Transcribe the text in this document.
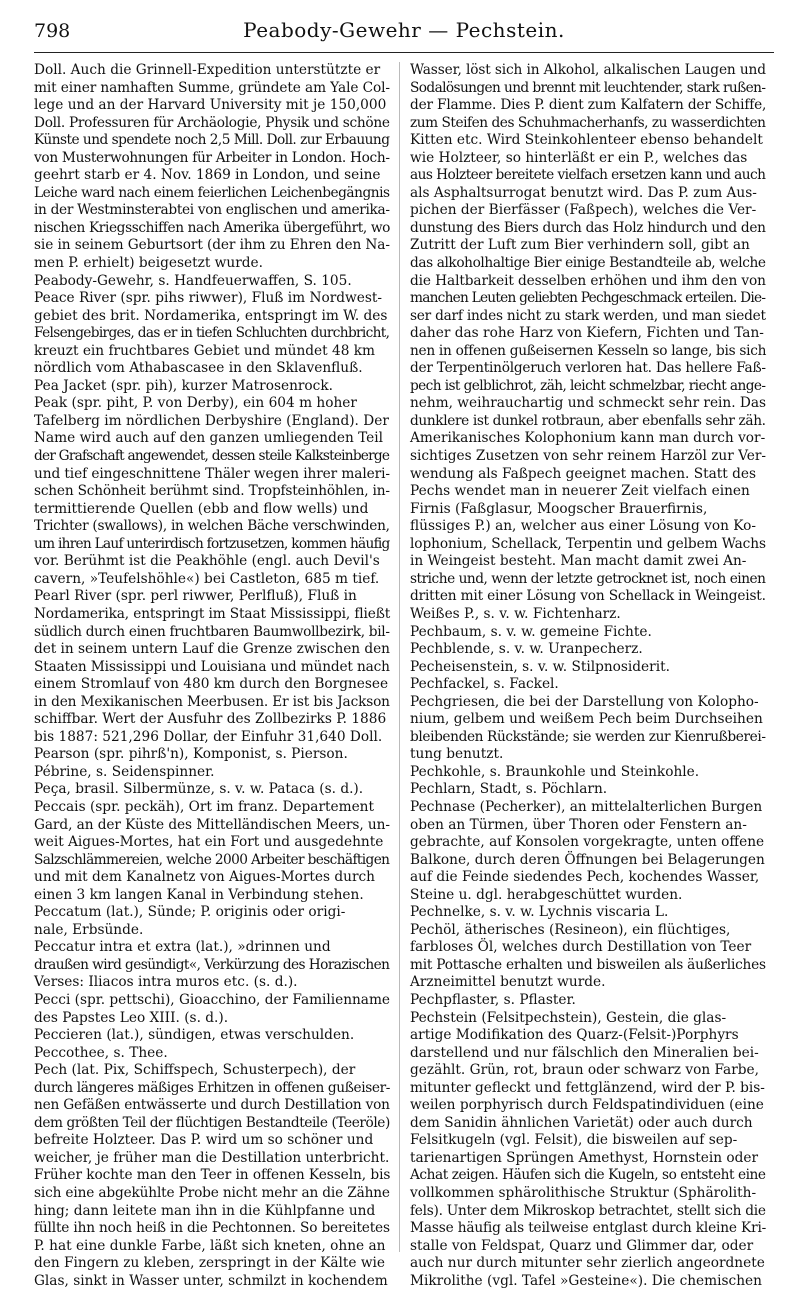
798	Peabody-Gewehr — Pechstein.
Doll. Auch die Grinnell-Expedition unterstützte er
mit einer namhaften Summe, gründete am Yale Col-
lege und an der Harvard University mit je 150,000
Doll. Professuren für Archäologie, Physik und schöne
Künste und spendete noch 2,5 Mill. Doll. zur Erbauung
von Musterwohnungen für Arbeiter in London. Hoch-
geehrt starb er 4. Nov. 1869 in London, und seine
Leiche ward nach einem feierlichen Leichenbegängnis
in der Westminsterabtei von englischen und amerika-
nischen Kriegsschiffen nach Amerika übergeführt, wo
sie in seinem Geburtsort (der ihm zu Ehren den Na-
men P. erhielt) beigesetzt wurde.
Peabody-Gewehr, s. Handfeuerwaffen, S. 105.
Peace River (spr. pihs riwwer), Fluß im Nordwest-
gebiet des brit. Nordamerika, entspringt im W. des
Felsengebirges, das er in tiefen Schluchten durchbricht,
kreuzt ein fruchtbares Gebiet und mündet 48 km
nördlich vom Athabascasee in den Sklavenfluß.
Pea Jacket (spr. pih), kurzer Matrosenrock.
Peak (spr. piht, P. von Derby), ein 604 m hoher
Tafelberg im nördlichen Derbyshire (England). Der
Name wird auch auf den ganzen umliegenden Teil
der Grafschaft angewendet, dessen steile Kalksteinberge
und tief eingeschnittene Thäler wegen ihrer maleri-
schen Schönheit berühmt sind. Tropfsteinhöhlen, in-
termittierende Quellen (ebb and flow wells) und
Trichter (swallows), in welchen Bäche verschwinden,
um ihren Lauf unterirdisch fortzusetzen, kommen häufig
vor. Berühmt ist die Peakhöhle (engl. auch Devil's
cavern, »Teufelshöhle«) bei Castleton, 685 m tief.
Pearl River (spr. perl riwwer, Perlfluß), Fluß in
Nordamerika, entspringt im Staat Mississippi, fließt
südlich durch einen fruchtbaren Baumwollbezirk, bil-
det in seinem untern Lauf die Grenze zwischen den
Staaten Mississippi und Louisiana und mündet nach
einem Stromlauf von 480 km durch den Borgnesee
in den Mexikanischen Meerbusen. Er ist bis Jackson
schiffbar. Wert der Ausfuhr des Zollbezirks P. 1886
bis 1887: 521,296 Dollar, der Einfuhr 31,640 Doll.
Pearson (spr. pihrß'n), Komponist, s. Pierson.
Pébrine, s. Seidenspinner.
Peça, brasil. Silbermünze, s. v. w. Pataca (s. d.).
Peccais (spr. peckäh), Ort im franz. Departement
Gard, an der Küste des Mittelländischen Meers, un-
weit Aigues-Mortes, hat ein Fort und ausgedehnte
Salzschlämmereien, welche 2000 Arbeiter beschäftigen
und mit dem Kanalnetz von Aigues-Mortes durch
einen 3 km langen Kanal in Verbindung stehen.
Peccatum (lat.), Sünde; P. originis oder origi-
nale, Erbsünde.
Peccatur intra et extra (lat.), »drinnen und
draußen wird gesündigt«, Verkürzung des Horazischen
Verses: Iliacos intra muros etc. (s. d.).
Pecci (spr. pettschi), Gioacchino, der Familienname
des Papstes Leo XIII. (s. d.).
Peccieren (lat.), sündigen, etwas verschulden.
Peccothee, s. Thee.
Pech (lat. Pix, Schiffspech, Schusterpech), der
durch längeres mäßiges Erhitzen in offenen gußeiser-
nen Gefäßen entwässerte und durch Destillation von
dem größten Teil der flüchtigen Bestandteile (Teeröle)
befreite Holzteer. Das P. wird um so schöner und
weicher, je früher man die Destillation unterbricht.
Früher kochte man den Teer in offenen Kesseln, bis
sich eine abgekühlte Probe nicht mehr an die Zähne
hing; dann leitete man ihn in die Kühlpfanne und
füllte ihn noch heiß in die Pechtonnen. So bereitetes
P. hat eine dunkle Farbe, läßt sich kneten, ohne an
den Fingern zu kleben, zerspringt in der Kälte wie
Glas, sinkt in Wasser unter, schmilzt in kochendem
Wasser, löst sich in Alkohol, alkalischen Laugen und
Sodalösungen und brennt mit leuchtender, stark rußen-
der Flamme. Dies P. dient zum Kalfatern der Schiffe,
zum Steifen des Schuhmacherhanfs, zu wasserdichten
Kitten etc. Wird Steinkohlenteer ebenso behandelt
wie Holzteer, so hinterläßt er ein P., welches das
aus Holzteer bereitete vielfach ersetzen kann und auch
als Asphaltsurrogat benutzt wird. Das P. zum Aus-
pichen der Bierfässer (Faßpech), welches die Ver-
dunstung des Biers durch das Holz hindurch und den
Zutritt der Luft zum Bier verhindern soll, gibt an
das alkoholhaltige Bier einige Bestandteile ab, welche
die Haltbarkeit desselben erhöhen und ihm den von
manchen Leuten geliebten Pechgeschmack erteilen. Die-
ser darf indes nicht zu stark werden, und man siedet
daher das rohe Harz von Kiefern, Fichten und Tan-
nen in offenen gußeisernen Kesseln so lange, bis sich
der Terpentinölgeruch verloren hat. Das hellere Faß-
pech ist gelblichrot, zäh, leicht schmelzbar, riecht ange-
nehm, weihrauchartig und schmeckt sehr rein. Das
dunklere ist dunkel rotbraun, aber ebenfalls sehr zäh.
Amerikanisches Kolophonium kann man durch vor-
sichtiges Zusetzen von sehr reinem Harzöl zur Ver-
wendung als Faßpech geeignet machen. Statt des
Pechs wendet man in neuerer Zeit vielfach einen
Firnis (Faßglasur, Moogscher Brauerfirnis,
flüssiges P.) an, welcher aus einer Lösung von Ko-
lophonium, Schellack, Terpentin und gelbem Wachs
in Weingeist besteht. Man macht damit zwei An-
striche und, wenn der letzte getrocknet ist, noch einen
dritten mit einer Lösung von Schellack in Weingeist.
Weißes P., s. v. w. Fichtenharz.
Pechbaum, s. v. w. gemeine Fichte.
Pechblende, s. v. w. Uranpecherz.
Pecheisenstein, s. v. w. Stilpnosiderit.
Pechfackel, s. Fackel.
Pechgriesen, die bei der Darstellung von Kolopho-
nium, gelbem und weißem Pech beim Durchseihen
bleibenden Rückstände; sie werden zur Kienrußberei-
tung benutzt.
Pechkohle, s. Braunkohle und Steinkohle.
Pechlarn, Stadt, s. Pöchlarn.
Pechnase (Pecherker), an mittelalterlichen Burgen
oben an Türmen, über Thoren oder Fenstern an-
gebrachte, auf Konsolen vorgekragte, unten offene
Balkone, durch deren Öffnungen bei Belagerungen
auf die Feinde siedendes Pech, kochendes Wasser,
Steine u. dgl. herabgeschüttet wurden.
Pechnelke, s. v. w. Lychnis viscaria L.
Pechöl, ätherisches (Resineon), ein flüchtiges,
farbloses Öl, welches durch Destillation von Teer
mit Pottasche erhalten und bisweilen als äußerliches
Arzneimittel benutzt wurde.
Pechpflaster, s. Pflaster.
Pechstein (Felsitpechstein), Gestein, die glas-
artige Modifikation des Quarz-(Felsit-)Porphyrs
darstellend und nur fälschlich den Mineralien bei-
gezählt. Grün, rot, braun oder schwarz von Farbe,
mitunter gefleckt und fettglänzend, wird der P. bis-
weilen porphyrisch durch Feldspatindividuen (eine
dem Sanidin ähnlichen Varietät) oder auch durch
Felsitkugeln (vgl. Felsit), die bisweilen auf sep-
tarienartigen Sprüngen Amethyst, Hornstein oder
Achat zeigen. Häufen sich die Kugeln, so entsteht eine
vollkommen sphärolithische Struktur (Sphärolith-
fels). Unter dem Mikroskop betrachtet, stellt sich die
Masse häufig als teilweise entglast durch kleine Kri-
stalle von Feldspat, Quarz und Glimmer dar, oder
auch nur durch mitunter sehr zierlich angeordnete
Mikrolithe (vgl. Tafel »Gesteine«). Die chemischen
